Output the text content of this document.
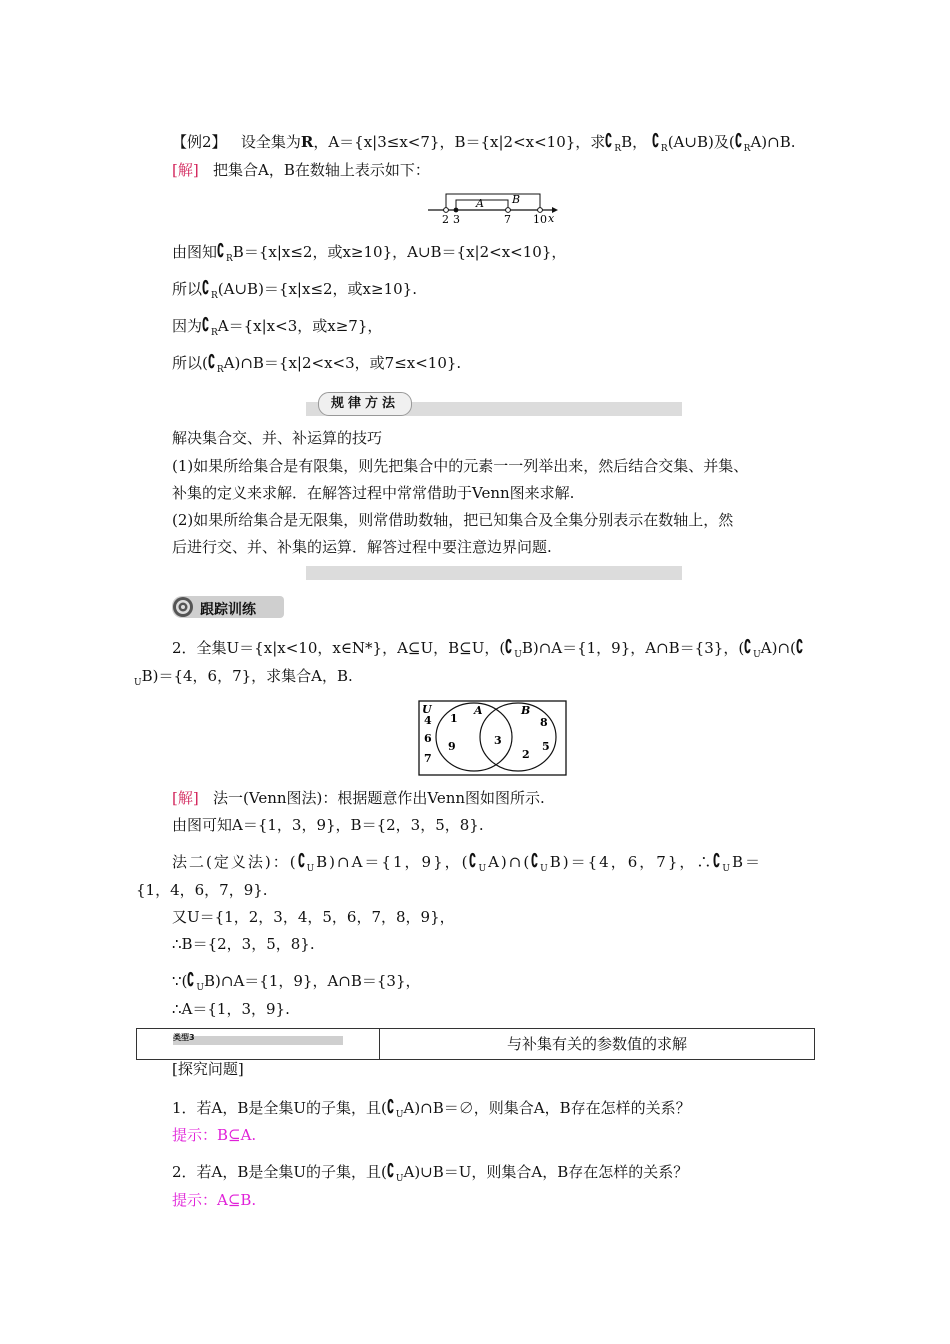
【例2】 设全集为R，A＝{x|3≤x<7}，B＝{x|2<x<10}，求∁ $_R$B， ∁ $_R$(A∪B)及(∁ $_R$A)∩B.
[解] 把集合A，B在数轴上表示如下：
A	B
2 3	7 10 x
由图知∁ $_R$B＝{x|x≤2，或x≥10}，A∪B＝{x|2<x<10}，
所以∁ $_R$(A∪B)＝{x|x≤2，或x≥10}.
因为∁ $_R$A＝{x|x<3，或x≥7}，
所以(∁ $_R$A)∩B＝{x|2<x<3，或7≤x<10}.
规律方法
解决集合交、并、补运算的技巧
(1)如果所给集合是有限集，则先把集合中的元素一一列举出来，然后结合交集、并集、
补集的定义来求解．在解答过程中常常借助于Venn图来求解.
(2)如果所给集合是无限集，则常借助数轴，把已知集合及全集分别表示在数轴上，然
后进行交、并、补集的运算．解答过程中要注意边界问题.
跟踪训练
2．全集U＝{x|x<10，x∈N*}，A⊆U，B⊆U，(∁ $_U$B)∩A＝{1，9}，A∩B＝{3}，(∁ $_U$A)∩(∁
$_U$B)＝{4，6，7}，求集合A，B.
U	A	B
4
6
7
1
9	3
8
5
2
[解] 法一(Venn图法)：根据题意作出Venn图如图所示.
由图可知A＝{1，3，9}，B＝{2，3，5，8}.
法二(定义法)：$(∁_UB)\cap A=\{1$，9}，$(∁_UA)\cap(∁_UB)=\{4$，6，7}，$\therefore∁_UB=$
{1，4，6，7，9}.
又U＝{1，2，3，4，5，6，7，8，9}，
∴B＝{2，3，5，8}.
∵(∁ $_U$B)∩A＝{1，9}，A∩B＝{3}，
∴A＝{1，3，9}.
类型3	与补集有关的参数值的求解
[探究问题]
1．若A，B是全集U的子集，且(∁ $_U$A)∩B＝∅，则集合A，B存在怎样的关系？
提示：B⊆A.
2．若A，B是全集U的子集，且(∁ $_U$A)∪B＝U，则集合A，B存在怎样的关系？
提示：A⊆B.
